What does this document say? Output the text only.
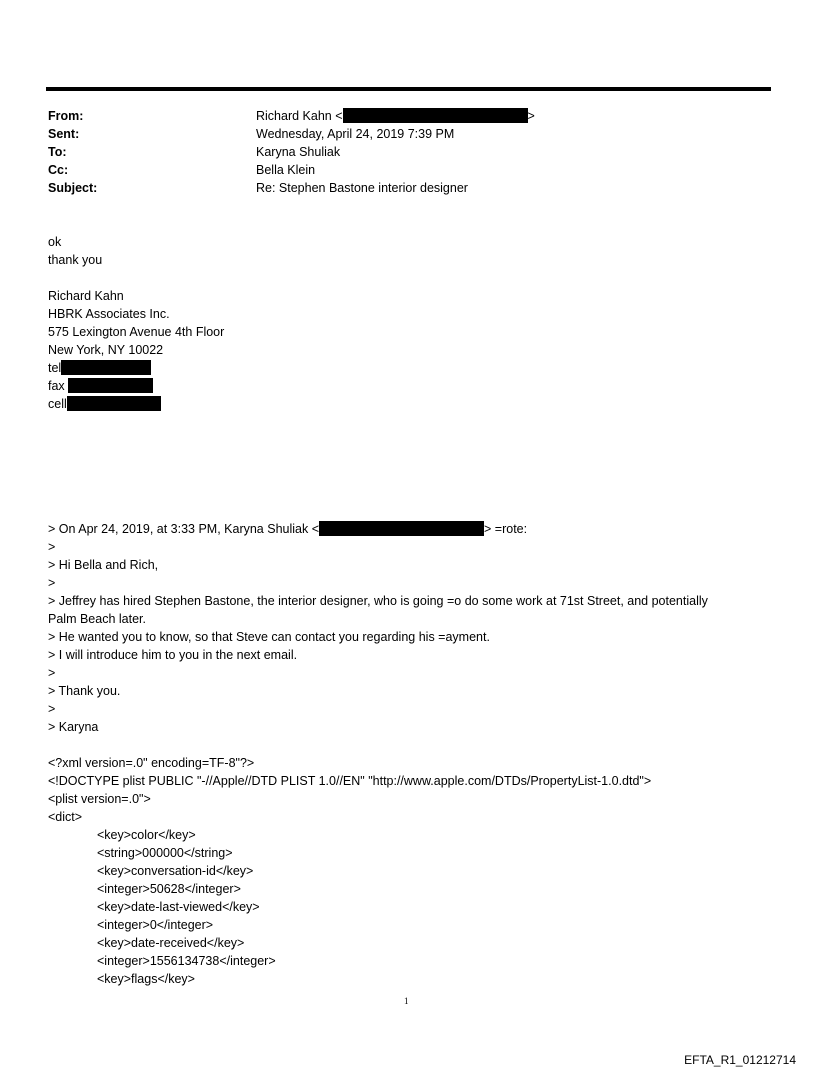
From:
Sent:
To:
Cc:
Subject:
Richard Kahn <	>
Wednesday, April 24, 2019 7:39 PM
Karyna Shuliak
Bella Klein
Re: Stephen Bastone interior designer
ok
thank you
Richard Kahn
HBRK Associates Inc.
575 Lexington Avenue 4th Floor
New York, NY 10022
tel
fax
cell
> On Apr 24, 2019, at 3:33 PM, Karyna Shuliak <	> =rote:
>
> Hi Bella and Rich,
>
> Jeffrey has hired Stephen Bastone, the interior designer, who is going =o do some work at 71st Street, and potentially
Palm Beach later.
> He wanted you to know, so that Steve can contact you regarding his =ayment.
> I will introduce him to you in the next email.
>
> Thank you.
>
> Karyna
<?xml version=.0" encoding=TF-8"?>
<!DOCTYPE plist PUBLIC "-//Apple//DTD PLIST 1.0//EN" "http://www.apple.com/DTDs/PropertyList-1.0.dtd">
<plist version=.0">
<dict>
<key>color</key>
<string>000000</string>
<key>conversation-id</key>
<integer>50628</integer>
<key>date-last-viewed</key>
<integer>0</integer>
<key>date-received</key>
<integer>1556134738</integer>
<key>flags</key>
1
EFTA_R1_01212714
